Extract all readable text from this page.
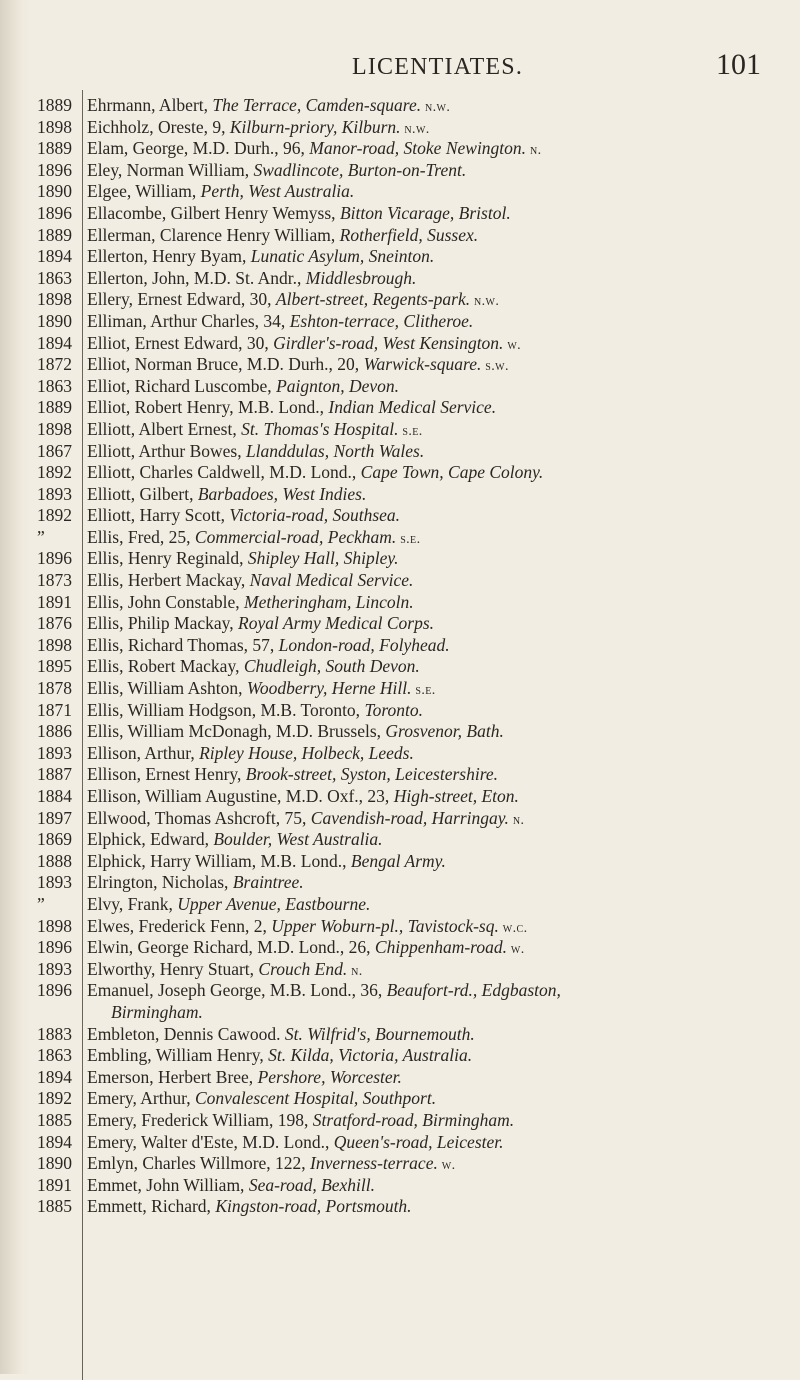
LICENTIATES.	101
1889 Ehrmann, Albert, The Terrace, Camden-square. n.w.
1898 Eichholz, Oreste, 9, Kilburn-priory, Kilburn. n.w.
1889 Elam, George, M.D. Durh., 96, Manor-road, Stoke Newington. n.
1896 Eley, Norman William, Swadlincote, Burton-on-Trent.
1890 Elgee, William, Perth, West Australia.
1896 Ellacombe, Gilbert Henry Wemyss, Bitton Vicarage, Bristol.
1889 Ellerman, Clarence Henry William, Rotherfield, Sussex.
1894 Ellerton, Henry Byam, Lunatic Asylum, Sneinton.
1863 Ellerton, John, M.D. St. Andr., Middlesbrough.
1898 Ellery, Ernest Edward, 30, Albert-street, Regents-park. n.w.
1890 Elliman, Arthur Charles, 34, Eshton-terrace, Clitheroe.
1894 Elliot, Ernest Edward, 30, Girdler's-road, West Kensington. w.
1872 Elliot, Norman Bruce, M.D. Durh., 20, Warwick-square. s.w.
1863 Elliot, Richard Luscombe, Paignton, Devon.
1889 Elliot, Robert Henry, M.B. Lond., Indian Medical Service.
1898 Elliott, Albert Ernest, St. Thomas's Hospital. s.e.
1867 Elliott, Arthur Bowes, Llanddulas, North Wales.
1892 Elliott, Charles Caldwell, M.D. Lond., Cape Town, Cape Colony.
1893 Elliott, Gilbert, Barbadoes, West Indies.
1892 Elliott, Harry Scott, Victoria-road, Southsea.
”	Ellis, Fred, 25, Commercial-road, Peckham. s.e.
1896 Ellis, Henry Reginald, Shipley Hall, Shipley.
1873 Ellis, Herbert Mackay, Naval Medical Service.
1891 Ellis, John Constable, Metheringham, Lincoln.
1876 Ellis, Philip Mackay, Royal Army Medical Corps.
1898 Ellis, Richard Thomas, 57, London-road, Folyhead.
1895 Ellis, Robert Mackay, Chudleigh, South Devon.
1878 Ellis, William Ashton, Woodberry, Herne Hill. s.e.
1871 Ellis, William Hodgson, M.B. Toronto, Toronto.
1886 Ellis, William McDonagh, M.D. Brussels, Grosvenor, Bath.
1893 Ellison, Arthur, Ripley House, Holbeck, Leeds.
1887 Ellison, Ernest Henry, Brook-street, Syston, Leicestershire.
1884 Ellison, William Augustine, M.D. Oxf., 23, High-street, Eton.
1897 Ellwood, Thomas Ashcroft, 75, Cavendish-road, Harringay. n.
1869 Elphick, Edward, Boulder, West Australia.
1888 Elphick, Harry William, M.B. Lond., Bengal Army.
1893 Elrington, Nicholas, Braintree.
”	Elvy, Frank, Upper Avenue, Eastbourne.
1898 Elwes, Frederick Fenn, 2, Upper Woburn-pl., Tavistock-sq. w.c.
1896 Elwin, George Richard, M.D. Lond., 26, Chippenham-road. w.
1893 Elworthy, Henry Stuart, Crouch End. n.
1896 Emanuel, Joseph George, M.B. Lond., 36, Beaufort-rd., Edgbaston,
Birmingham.
1883 Embleton, Dennis Cawood. St. Wilfrid's, Bournemouth.
1863 Embling, William Henry, St. Kilda, Victoria, Australia.
1894 Emerson, Herbert Bree, Pershore, Worcester.
1892 Emery, Arthur, Convalescent Hospital, Southport.
1885 Emery, Frederick William, 198, Stratford-road, Birmingham.
1894 Emery, Walter d'Este, M.D. Lond., Queen's-road, Leicester.
1890 Emlyn, Charles Willmore, 122, Inverness-terrace. w.
1891 Emmet, John William, Sea-road, Bexhill.
1885 Emmett, Richard, Kingston-road, Portsmouth.
